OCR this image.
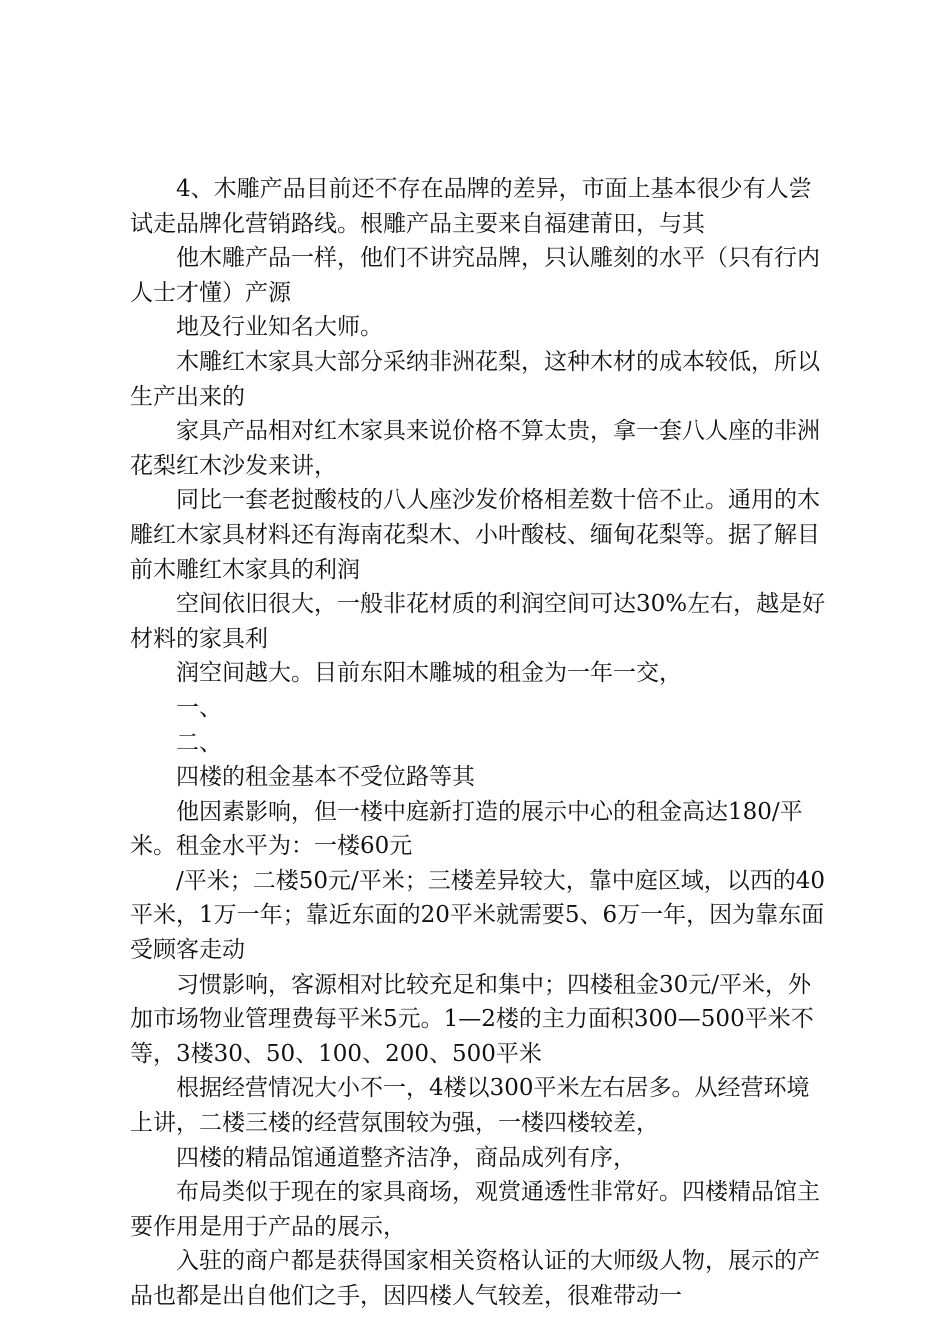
4、木雕产品目前还不存在品牌的差异，市面上基本很少有人尝试走品牌化营销路线。根雕产品主要来自福建莆田，与其

他木雕产品一样，他们不讲究品牌，只认雕刻的水平（只有行内人士才懂）产源

地及行业知名大师。

木雕红木家具大部分采纳非洲花梨，这种木材的成本较低，所以生产出来的

家具产品相对红木家具来说价格不算太贵，拿一套八人座的非洲花梨红木沙发来讲，

同比一套老挝酸枝的八人座沙发价格相差数十倍不止。通用的木雕红木家具材料还有海南花梨木、小叶酸枝、缅甸花梨等。据了解目前木雕红木家具的利润

空间依旧很大，一般非花材质的利润空间可达30%左右，越是好材料的家具利

润空间越大。目前东阳木雕城的租金为一年一交，

一、

二、

四楼的租金基本不受位路等其

他因素影响，但一楼中庭新打造的展示中心的租金高达180/平米。租金水平为：一楼60元

/平米；二楼50元/平米；三楼差异较大，靠中庭区域，以西的40平米，1万一年；靠近东面的20平米就需要5、6万一年，因为靠东面受顾客走动

习惯影响，客源相对比较充足和集中；四楼租金30元/平米，外加市场物业管理费每平米5元。1—2楼的主力面积300—500平米不等，3楼30、50、100、200、500平米

根据经营情况大小不一，4楼以300平米左右居多。从经营环境上讲，二楼三楼的经营氛围较为强，一楼四楼较差，

四楼的精品馆通道整齐洁净，商品成列有序，

布局类似于现在的家具商场，观赏通透性非常好。四楼精品馆主要作用是用于产品的展示，

入驻的商户都是获得国家相关资格认证的大师级人物，展示的产品也都是出自他们之手，因四楼人气较差，很难带动一
